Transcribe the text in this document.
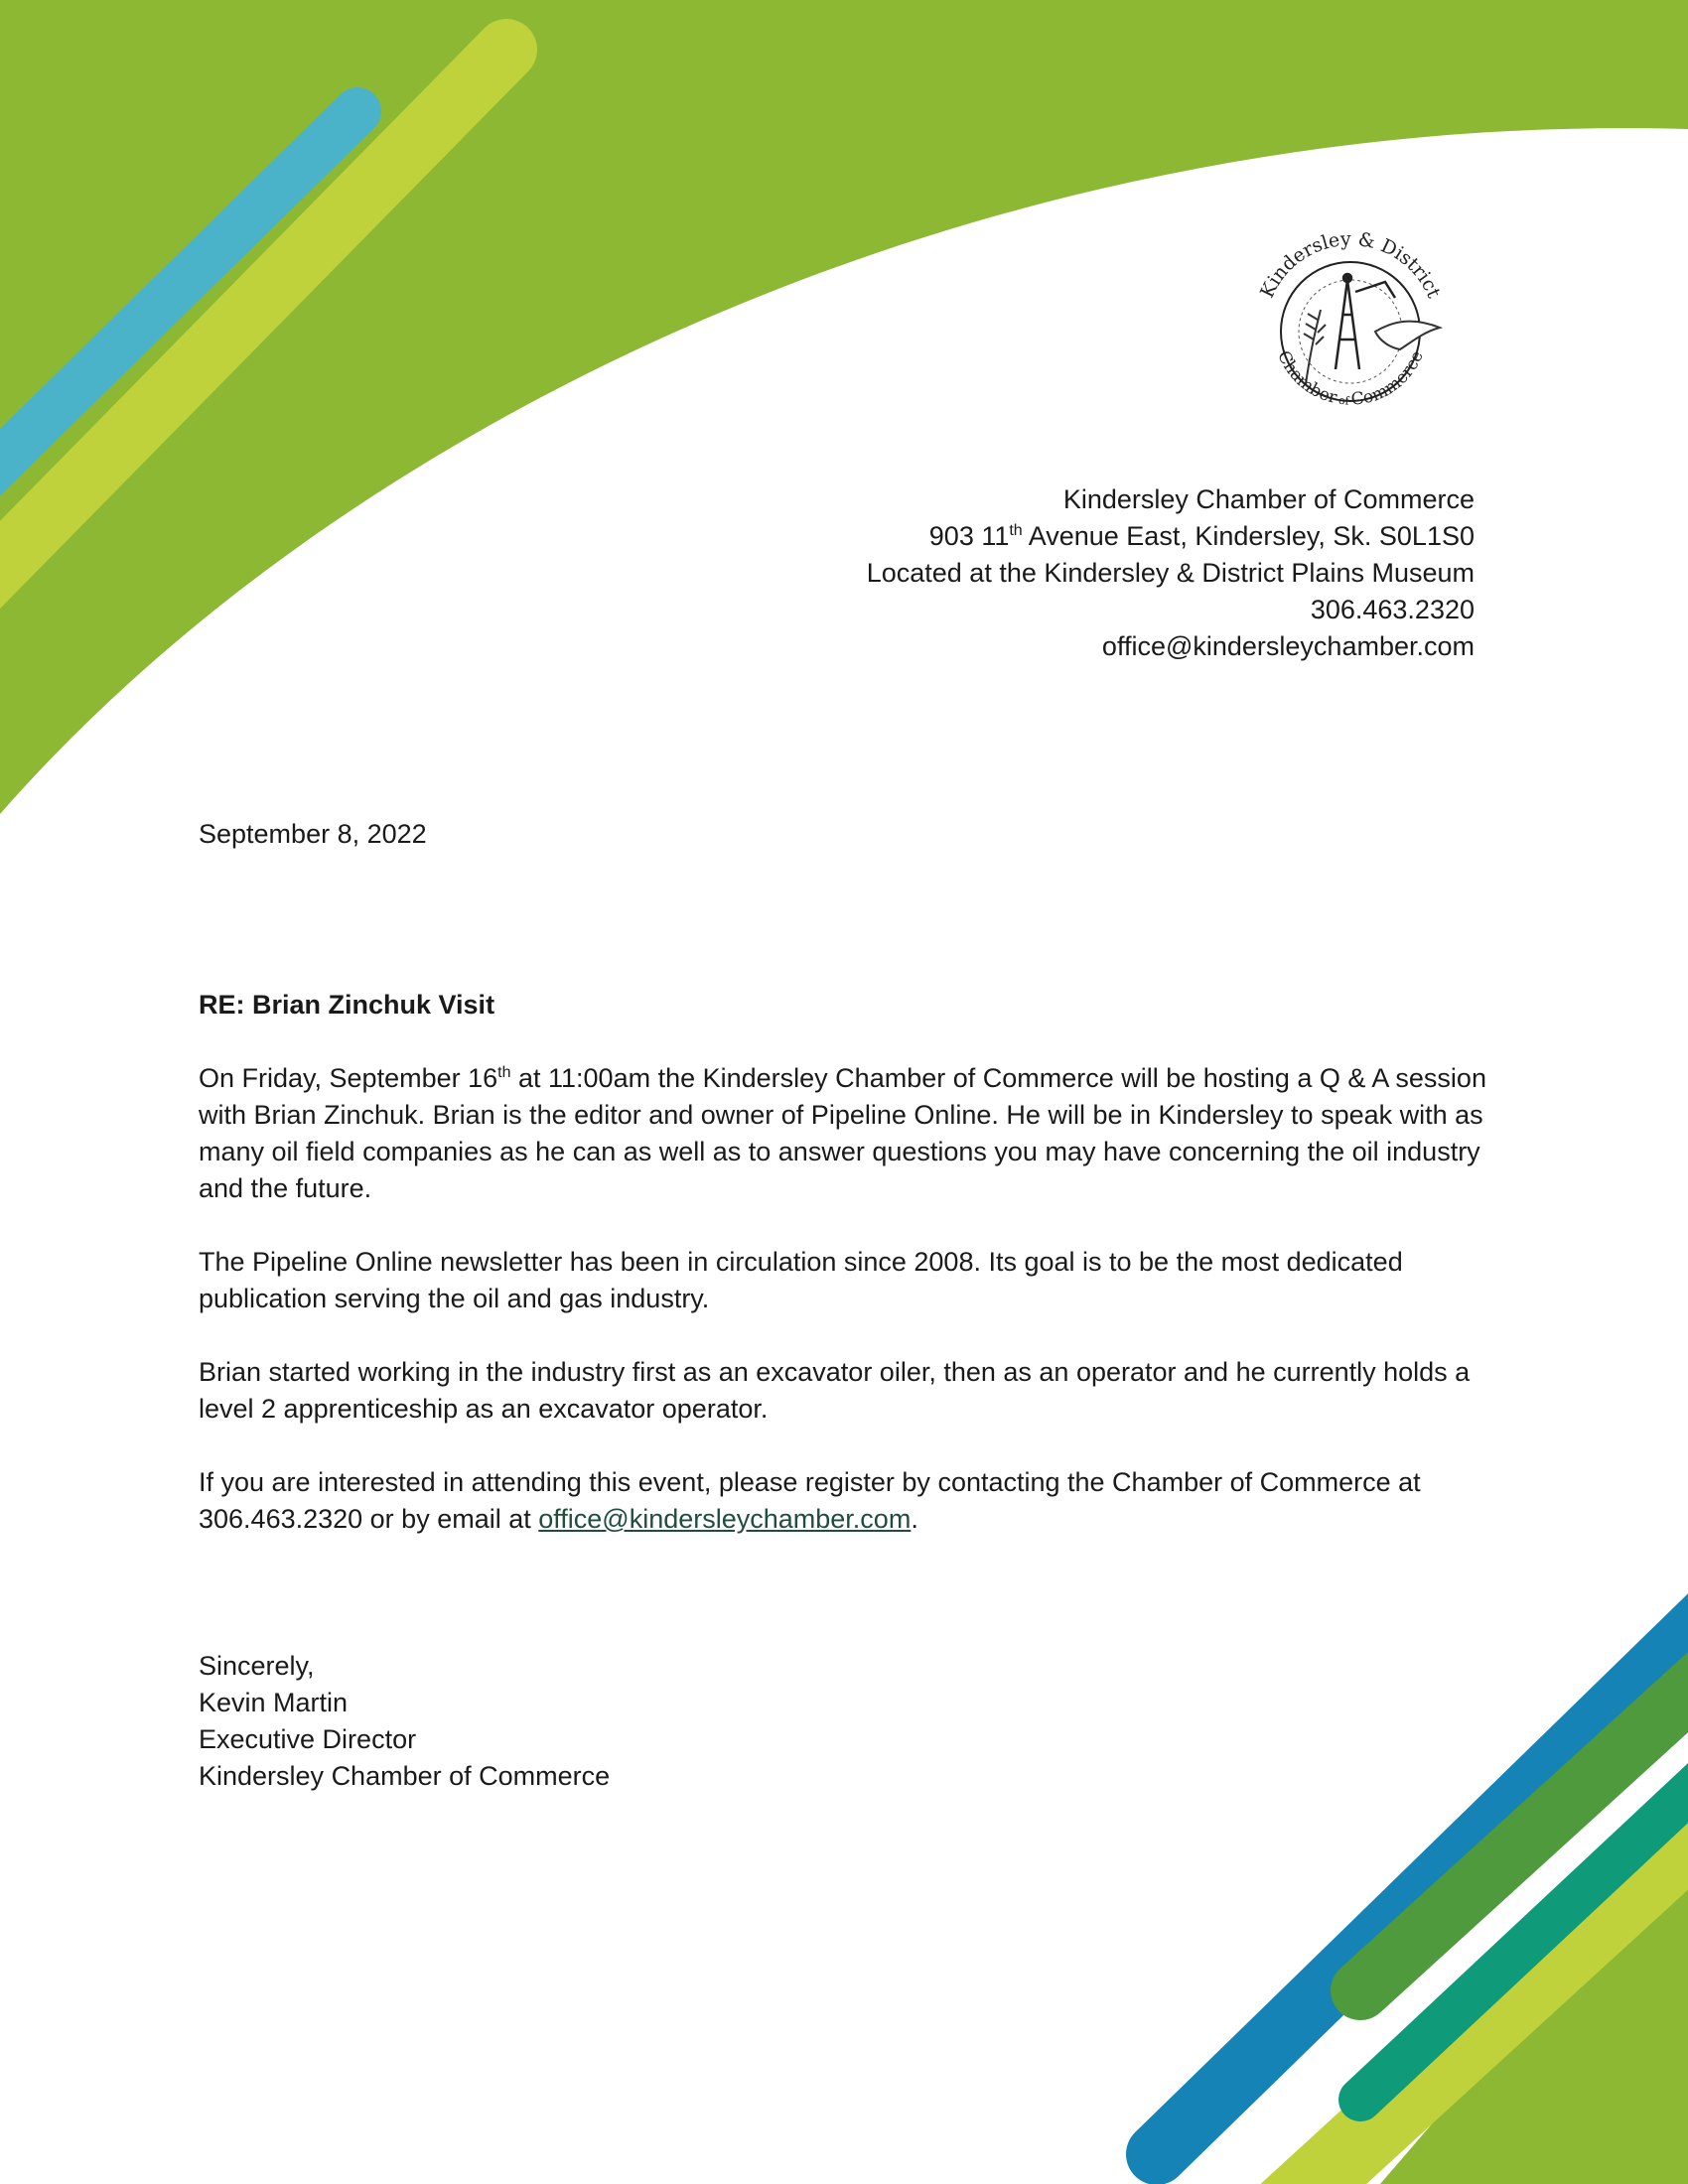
Kindersley & District
ChamberofCommerce
Kindersley Chamber of Commerce
903 11th Avenue East, Kindersley, Sk. S0L1S0
Located at the Kindersley & District Plains Museum
306.463.2320
office@kindersleychamber.com
September 8, 2022
RE: Brian Zinchuk Visit

On Friday, September 16th at 11:00am the Kindersley Chamber of Commerce will be hosting a Q & A session with Brian Zinchuk. Brian is the editor and owner of Pipeline Online. He will be in Kindersley to speak with as many oil field companies as he can as well as to answer questions you may have concerning the oil industry and the future.

The Pipeline Online newsletter has been in circulation since 2008. Its goal is to be the most dedicated publication serving the oil and gas industry.

Brian started working in the industry first as an excavator oiler, then as an operator and he currently holds a level 2 apprenticeship as an excavator operator.

If you are interested in attending this event, please register by contacting the Chamber of Commerce at 306.463.2320 or by email at office@kindersleychamber.com.

Sincerely,
Kevin Martin
Executive Director
Kindersley Chamber of Commerce
